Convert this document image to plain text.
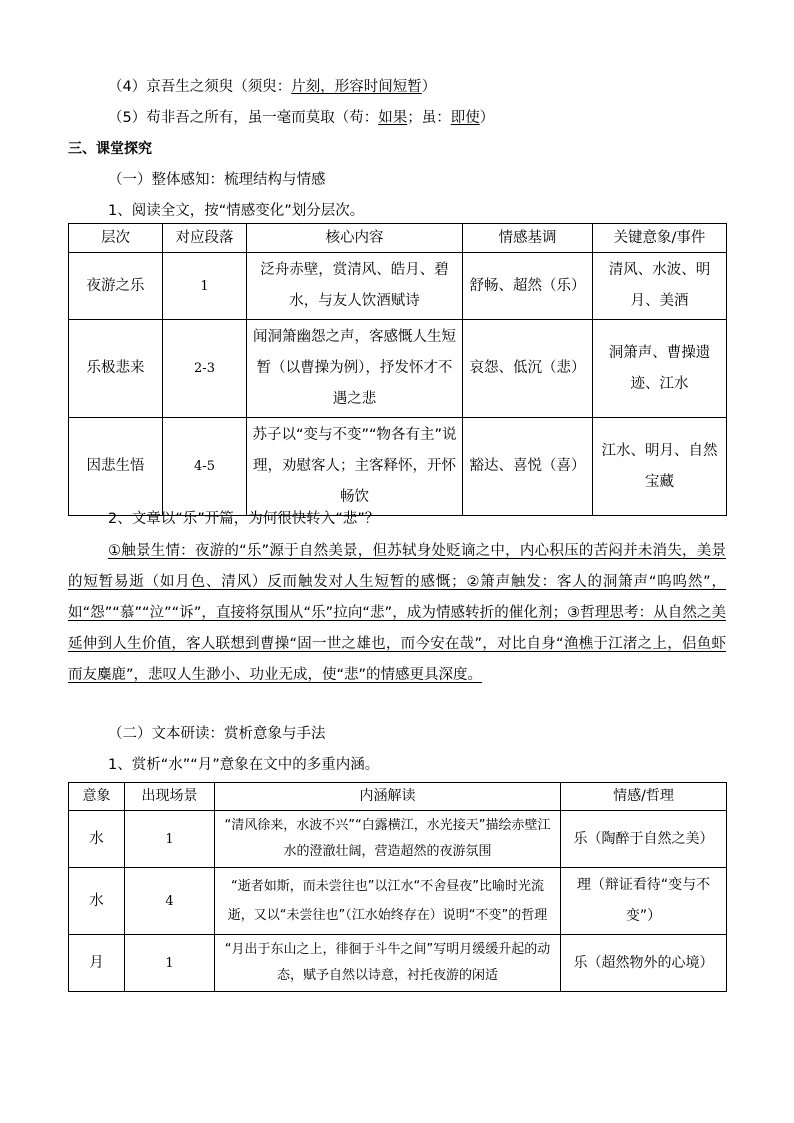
（4）京吾生之须臾（须臾：片刻，形容时间短暂）
（5）苟非吾之所有，虽一毫而莫取（苟：如果；虽：即使）
三、课堂探究
（一）整体感知：梳理结构与情感
1、阅读全文，按“情感变化”划分层次。
层次	对应段落	核心内容	情感基调	关键意象/事件
夜游之乐	1	泛舟赤壁，赏清风、皓月、碧水，与友人饮酒赋诗	舒畅、超然（乐）	清风、水波、明月、美酒
乐极悲来	2-3	闻洞箫幽怨之声，客感慨人生短暂（以曹操为例），抒发怀才不遇之悲	哀怨、低沉（悲）	洞箫声、曹操遗迹、江水
因悲生悟	4-5	苏子以“变与不变”“物各有主”说理，劝慰客人；主客释怀，开怀畅饮	豁达、喜悦（喜）	江水、明月、自然宝藏
2、文章以“乐”开篇，为何很快转入“悲”？
①触景生情：夜游的“乐”源于自然美景，但苏轼身处贬谪之中，内心积压的苦闷并未消失，美景的短暂易逝（如月色、清风）反而触发对人生短暂的感慨；②箫声触发：客人的洞箫声“呜呜然”，如“怨”“慕”“泣”“诉”，直接将氛围从“乐”拉向“悲”，成为情感转折的催化剂；③哲理思考：从自然之美延伸到人生价值，客人联想到曹操“固一世之雄也，而今安在哉”，对比自身“渔樵于江渚之上，侣鱼虾而友麋鹿”，悲叹人生渺小、功业无成，使“悲”的情感更具深度。
（二）文本研读：赏析意象与手法
1、赏析“水”“月”意象在文中的多重内涵。
意象	出现场景	内涵解读	情感/哲理
水	1	“清风徐来，水波不兴”“白露横江，水光接天”描绘赤壁江水的澄澈壮阔，营造超然的夜游氛围	乐（陶醉于自然之美）
水	4	“逝者如斯，而未尝往也”以江水“不舍昼夜”比喻时光流逝，又以“未尝往也”（江水始终存在）说明“不变”的哲理	理（辩证看待“变与不变”）
月	1	“月出于东山之上，徘徊于斗牛之间”写明月缓缓升起的动态，赋予自然以诗意，衬托夜游的闲适	乐（超然物外的心境）
